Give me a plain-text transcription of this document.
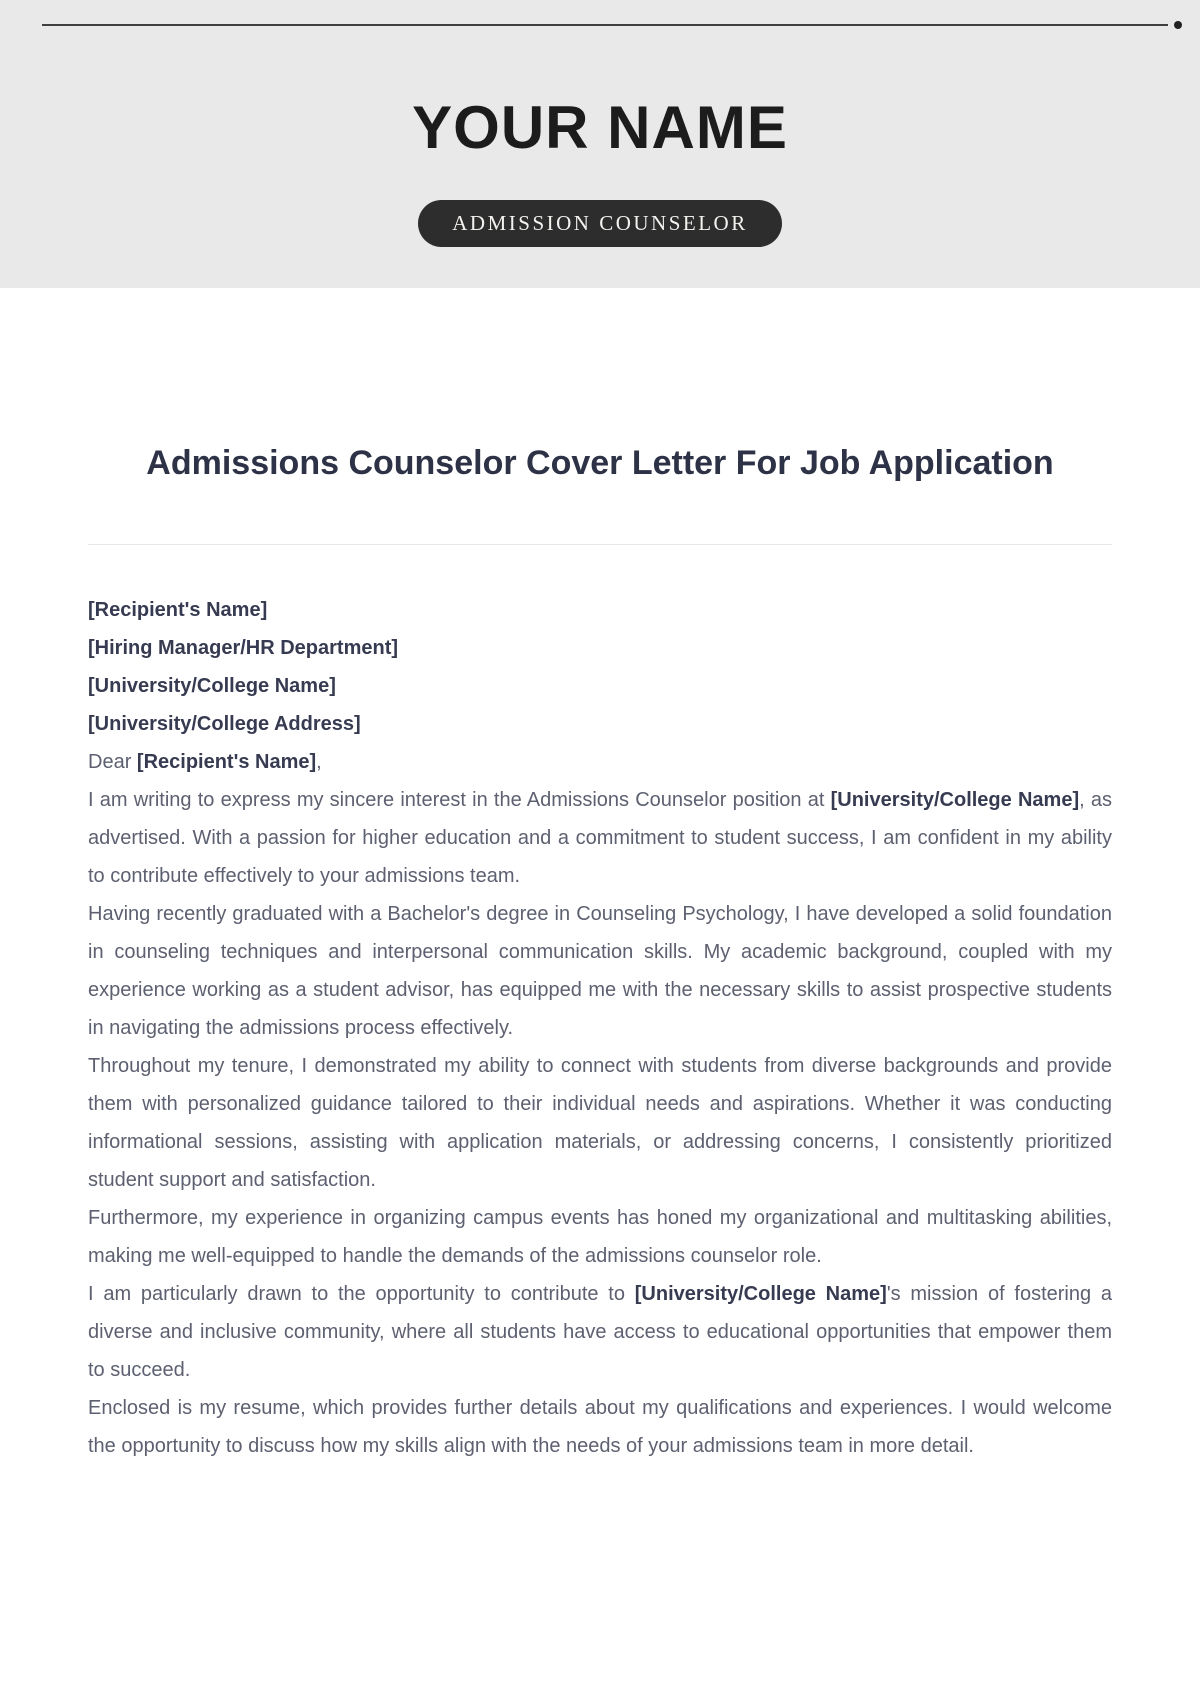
YOUR NAME
ADMISSION COUNSELOR
Admissions Counselor Cover Letter For Job Application
[Recipient's Name]
[Hiring Manager/HR Department]
[University/College Name]
[University/College Address]
Dear [Recipient's Name],

I am writing to express my sincere interest in the Admissions Counselor position at [University/College Name], as advertised. With a passion for higher education and a commitment to student success, I am confident in my ability to contribute effectively to your admissions team.

Having recently graduated with a Bachelor's degree in Counseling Psychology, I have developed a solid foundation in counseling techniques and interpersonal communication skills. My academic background, coupled with my experience working as a student advisor, has equipped me with the necessary skills to assist prospective students in navigating the admissions process effectively.

Throughout my tenure, I demonstrated my ability to connect with students from diverse backgrounds and provide them with personalized guidance tailored to their individual needs and aspirations. Whether it was conducting informational sessions, assisting with application materials, or addressing concerns, I consistently prioritized student support and satisfaction.

Furthermore, my experience in organizing campus events has honed my organizational and multitasking abilities, making me well-equipped to handle the demands of the admissions counselor role.

I am particularly drawn to the opportunity to contribute to [University/College Name]'s mission of fostering a diverse and inclusive community, where all students have access to educational opportunities that empower them to succeed.

Enclosed is my resume, which provides further details about my qualifications and experiences. I would welcome the opportunity to discuss how my skills align with the needs of your admissions team in more detail.
